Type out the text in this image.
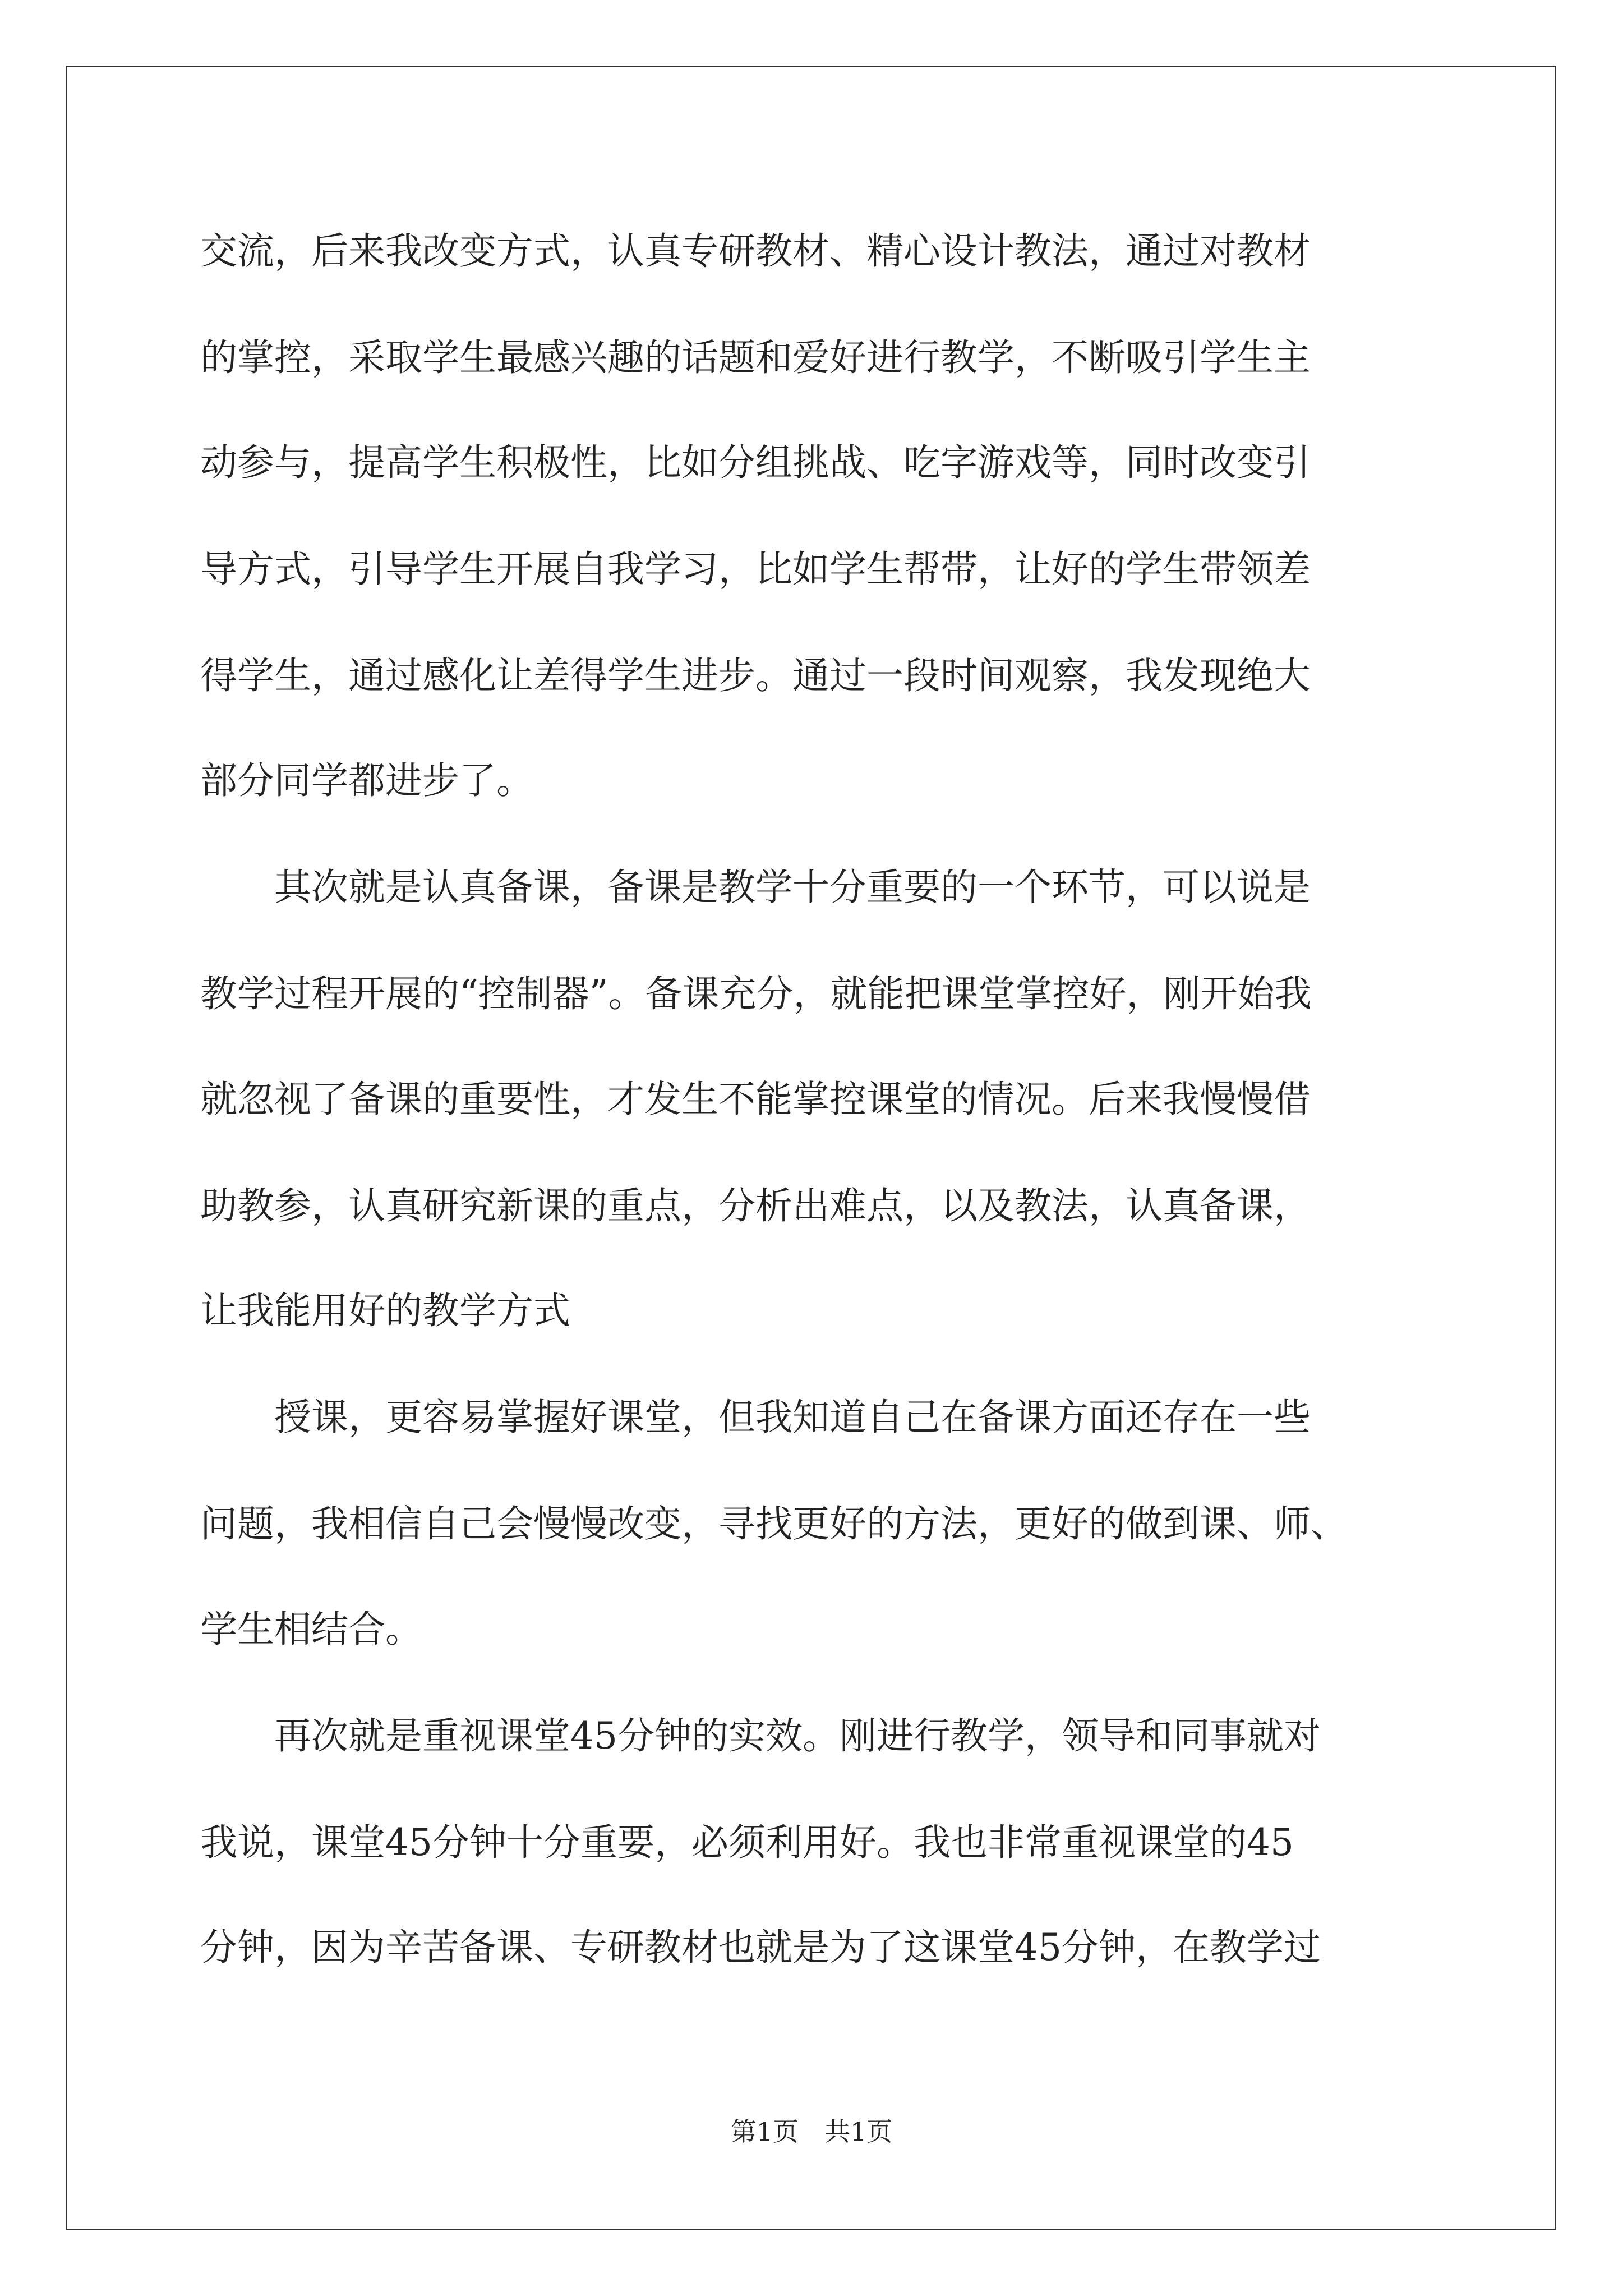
交流，后来我改变方式，认真专研教材、精心设计教法，通过对教材
的掌控，采取学生最感兴趣的话题和爱好进行教学，不断吸引学生主
动参与，提高学生积极性，比如分组挑战、吃字游戏等，同时改变引
导方式，引导学生开展自我学习，比如学生帮带，让好的学生带领差
得学生，通过感化让差得学生进步。通过一段时间观察，我发现绝大
部分同学都进步了。
　　其次就是认真备课，备课是教学十分重要的一个环节，可以说是
教学过程开展的“控制器”。备课充分，就能把课堂掌控好，刚开始我
就忽视了备课的重要性，才发生不能掌控课堂的情况。后来我慢慢借
助教参，认真研究新课的重点，分析出难点，以及教法，认真备课，
让我能用好的教学方式
　　授课，更容易掌握好课堂，但我知道自己在备课方面还存在一些
问题，我相信自己会慢慢改变，寻找更好的方法，更好的做到课、师、
学生相结合。
　　再次就是重视课堂45分钟的实效。刚进行教学，领导和同事就对
我说，课堂45分钟十分重要，必须利用好。我也非常重视课堂的45
分钟，因为辛苦备课、专研教材也就是为了这课堂45分钟，在教学过
第1页　共1页
